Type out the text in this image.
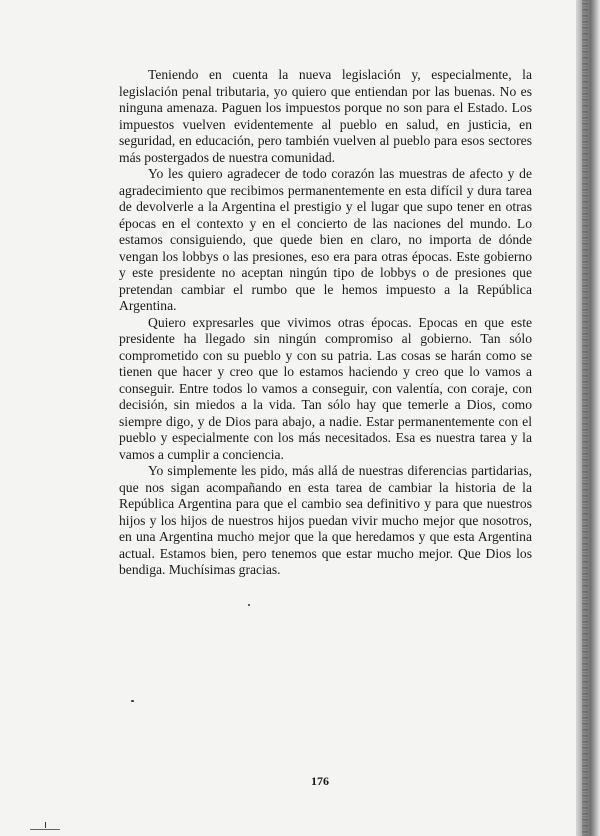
Teniendo en cuenta la nueva legislación y, especialmente, la legislación penal tributaria, yo quiero que entiendan por las buenas. No es ninguna amenaza. Paguen los impuestos porque no son para el Estado. Los impuestos vuelven evidentemente al pueblo en salud, en justicia, en seguridad, en educación, pero también vuelven al pueblo para esos sectores más postergados de nuestra comunidad.

Yo les quiero agradecer de todo corazón las muestras de afecto y de agradecimiento que recibimos permanentemente en esta difícil y dura tarea de devolverle a la Argentina el prestigio y el lugar que supo tener en otras épocas en el contexto y en el concierto de las naciones del mundo. Lo estamos consiguiendo, que quede bien en claro, no importa de dónde vengan los lobbys o las presiones, eso era para otras épocas. Este gobierno y este presidente no aceptan ningún tipo de lobbys o de presiones que pretendan cambiar el rumbo que le hemos impuesto a la República Argentina.

Quiero expresarles que vivimos otras épocas. Epocas en que este presidente ha llegado sin ningún compromiso al gobierno. Tan sólo comprometido con su pueblo y con su patria. Las cosas se harán como se tienen que hacer y creo que lo estamos haciendo y creo que lo vamos a conseguir. Entre todos lo vamos a conseguir, con valentía, con coraje, con decisión, sin miedos a la vida. Tan sólo hay que temerle a Dios, como siempre digo, y de Dios para abajo, a nadie. Estar permanentemente con el pueblo y especialmente con los más necesitados. Esa es nuestra tarea y la vamos a cumplir a conciencia.

Yo simplemente les pido, más allá de nuestras diferencias partidarias, que nos sigan acompañando en esta tarea de cambiar la historia de la República Argentina para que el cambio sea definitivo y para que nuestros hijos y los hijos de nuestros hijos puedan vivir mucho mejor que nosotros, en una Argentina mucho mejor que la que heredamos y que esta Argentina actual. Estamos bien, pero tenemos que estar mucho mejor. Que Dios los bendiga. Muchísimas gracias.

176
